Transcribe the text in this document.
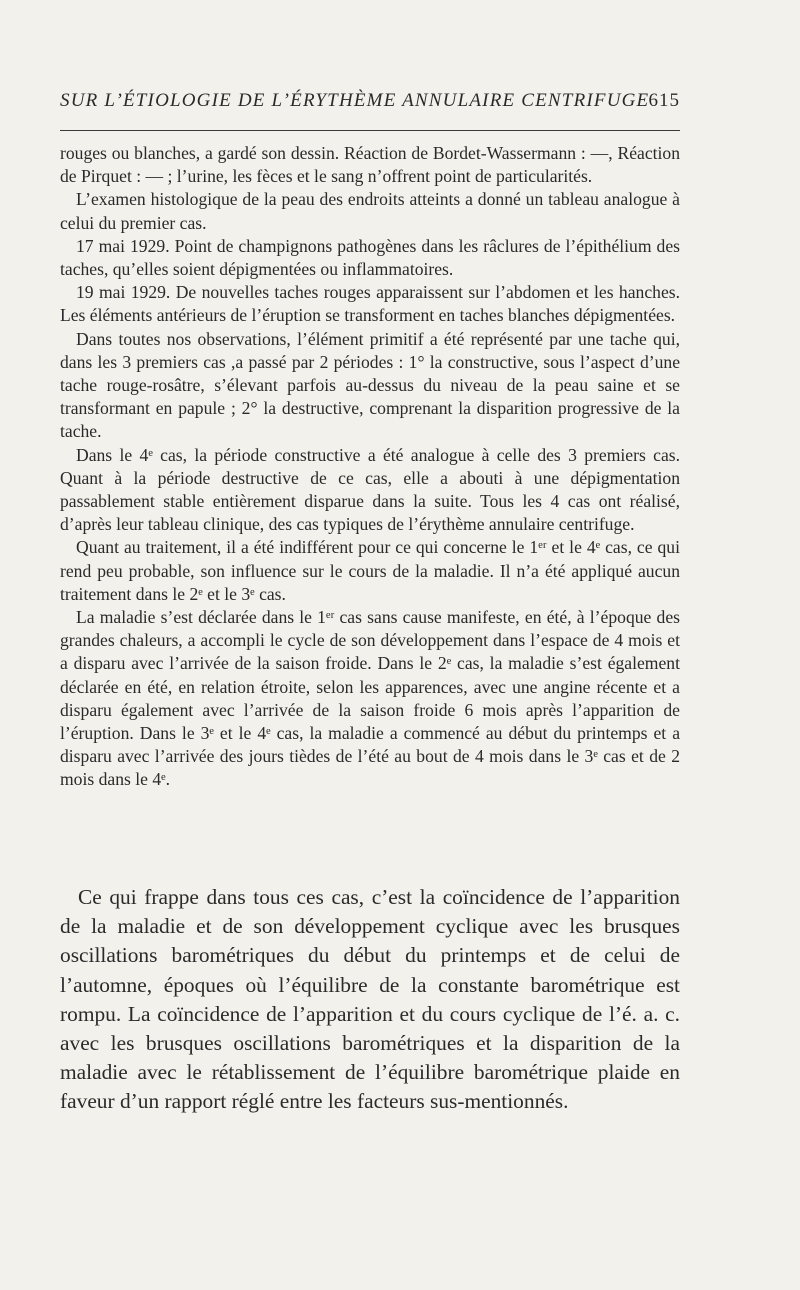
SUR L’ÉTIOLOGIE DE L’ÉRYTHÈME ANNULAIRE CENTRIFUGE 615

rouges ou blanches, a gardé son dessin. Réaction de Bordet-Wassermann : —, Réaction de Pirquet : — ; l’urine, les fèces et le sang n’offrent point de particularités.

L’examen histologique de la peau des endroits atteints a donné un tableau analogue à celui du premier cas.

17 mai 1929. Point de champignons pathogènes dans les râclures de l’épithélium des taches, qu’elles soient dépigmentées ou inflammatoires.

19 mai 1929. De nouvelles taches rouges apparaissent sur l’abdomen et les hanches. Les éléments antérieurs de l’éruption se transforment en taches blanches dépigmentées.

Dans toutes nos observations, l’élément primitif a été représenté par une tache qui, dans les 3 premiers cas ,a passé par 2 périodes : 1° la constructive, sous l’aspect d’une tache rouge-rosâtre, s’élevant parfois au-dessus du niveau de la peau saine et se transformant en papule ; 2° la destructive, comprenant la disparition progressive de la tache.

Dans le 4ᵉ cas, la période constructive a été analogue à celle des 3 premiers cas. Quant à la période destructive de ce cas, elle a abouti à une dépigmentation passablement stable entièrement disparue dans la suite. Tous les 4 cas ont réalisé, d’après leur tableau clinique, des cas typiques de l’érythème annulaire centrifuge.

Quant au traitement, il a été indifférent pour ce qui concerne le 1ᵉʳ et le 4ᵉ cas, ce qui rend peu probable, son influence sur le cours de la maladie. Il n’a été appliqué aucun traitement dans le 2ᵉ et le 3ᵉ cas.

La maladie s’est déclarée dans le 1ᵉʳ cas sans cause manifeste, en été, à l’époque des grandes chaleurs, a accompli le cycle de son développement dans l’espace de 4 mois et a disparu avec l’arrivée de la saison froide. Dans le 2ᵉ cas, la maladie s’est également déclarée en été, en relation étroite, selon les apparences, avec une angine récente et a disparu également avec l’arrivée de la saison froide 6 mois après l’apparition de l’éruption. Dans le 3ᵉ et le 4ᵉ cas, la maladie a commencé au début du printemps et a disparu avec l’arrivée des jours tièdes de l’été au bout de 4 mois dans le 3ᵉ cas et de 2 mois dans le 4ᵉ.

Ce qui frappe dans tous ces cas, c’est la coïncidence de l’apparition de la maladie et de son développement cyclique avec les brusques oscillations barométriques du début du printemps et de celui de l’automne, époques où l’équilibre de la constante barométrique est rompu. La coïncidence de l’apparition et du cours cyclique de l’é. a. c. avec les brusques oscillations barométriques et la disparition de la maladie avec le rétablissement de l’équilibre barométrique plaide en faveur d’un rapport réglé entre les facteurs sus-mentionnés.
